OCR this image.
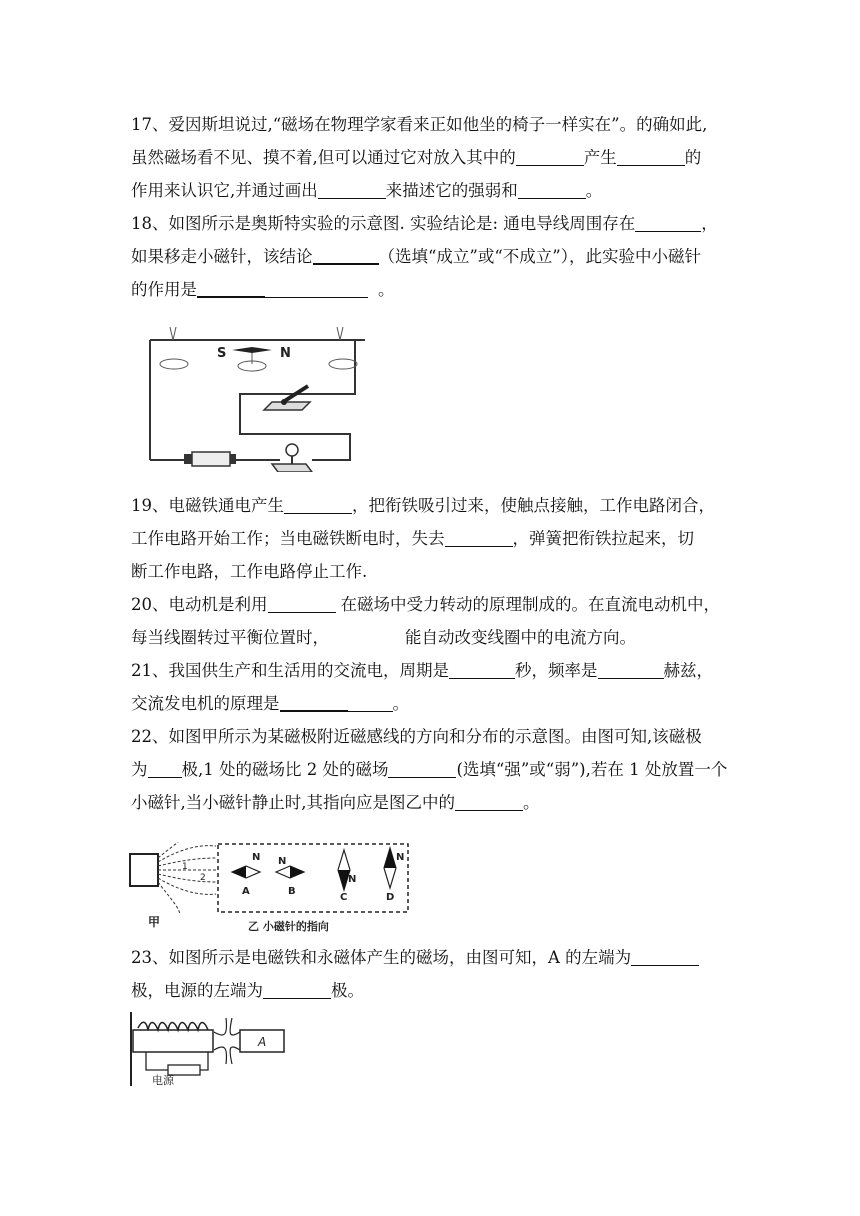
17、爱因斯坦说过,“磁场在物理学家看来正如他坐的椅子一样实在”。的确如此,
虽然磁场看不见、摸不着,但可以通过它对放入其中的	产生	的
作用来认识它,并通过画出	来描述它的强弱和	。
18、如图所示是奥斯特实验的示意图. 实验结论是: 通电导线周围存在	，
如果移走小磁针，该结论	（选填“成立”或“不成立”），此实验中小磁针
的作用是	。
S	N
19、电磁铁通电产生	，把衔铁吸引过来，使触点接触，工作电路闭合，
工作电路开始工作；当电磁铁断电时，失去	，弹簧把衔铁拉起来，切
断工作电路，工作电路停止工作.
20、电动机是利用	在磁场中受力转动的原理制成的。在直流电动机中，
每当线圈转过平衡位置时，	能自动改变线圈中的电流方向。
21、我国供生产和生活用的交流电，周期是	秒，频率是	赫兹，
交流发电机的原理是	。
22、如图甲所示为某磁极附近磁感线的方向和分布的示意图。由图可知,该磁极
为 极,1 处的磁场比 2 处的磁场	(选填“强”或“弱”),若在 1 处放置一个
小磁针,当小磁针静止时,其指向应是图乙中的	。
1
2
甲
N
A
N
B
N
C
N
D
乙 小磁针的指向
23、如图所示是电磁铁和永磁体产生的磁场，由图可知，A 的左端为
极，电源的左端为	极。
电源
A
